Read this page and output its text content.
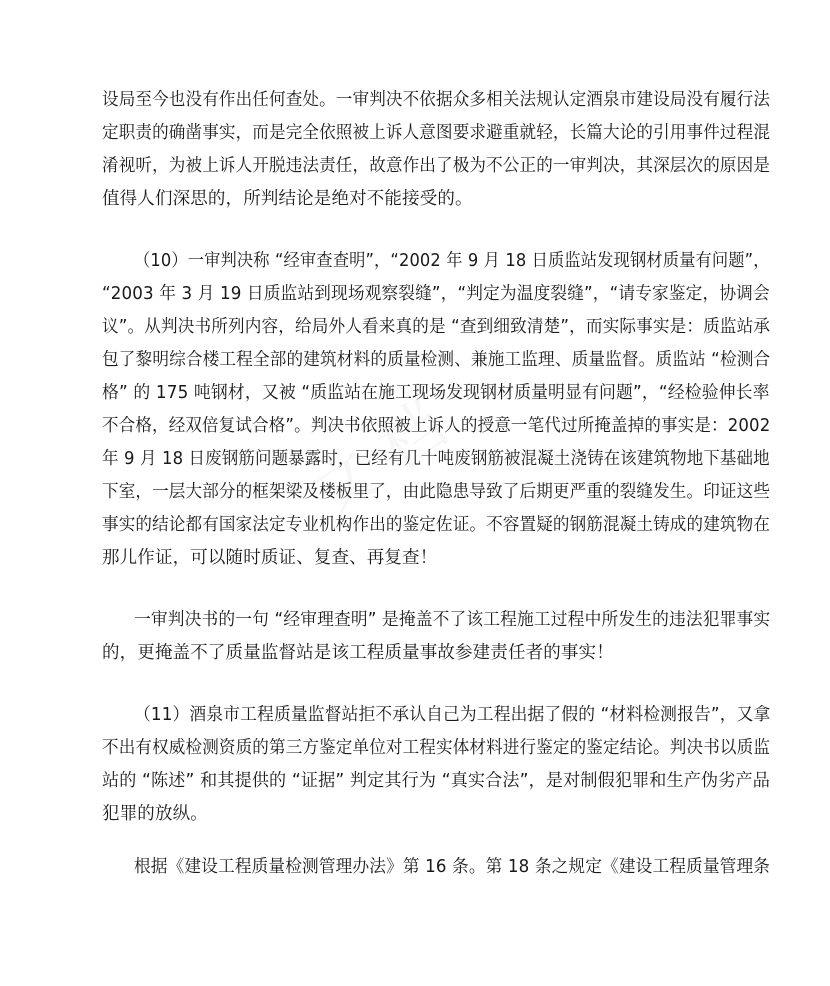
设局至今也没有作出任何查处。一审判决不依据众多相关法规认定酒泉市建设局没有履行法
定职责的确凿事实，而是完全依照被上诉人意图要求避重就轻，长篇大论的引用事件过程混
淆视听，为被上诉人开脱违法责任，故意作出了极为不公正的一审判决，其深层次的原因是
值得人们深思的，所判结论是绝对不能接受的。
（10）一审判决称 “经审查查明”，“2002 年 9 月 18 日质监站发现钢材质量有问题”，
“2003 年 3 月 19 日质监站到现场观察裂缝”，“判定为温度裂缝”，“请专家鉴定，协调会
议”。从判决书所列内容，给局外人看来真的是 “查到细致清楚”，而实际事实是：质监站承
包了黎明综合楼工程全部的建筑材料的质量检测、兼施工监理、质量监督。质监站 “检测合
格” 的 175 吨钢材，又被 “质监站在施工现场发现钢材质量明显有问题”，“经检验伸长率
不合格，经双倍复试合格”。判决书依照被上诉人的授意一笔代过所掩盖掉的事实是：2002
年 9 月 18 日废钢筋问题暴露时，已经有几十吨废钢筋被混凝土浇铸在该建筑物地下基础地
下室，一层大部分的框架梁及楼板里了，由此隐患导致了后期更严重的裂缝发生。印证这些
事实的结论都有国家法定专业机构作出的鉴定佐证。不容置疑的钢筋混凝土铸成的建筑物在
那儿作证，可以随时质证、复查、再复查！
一审判决书的一句 “经审理查明” 是掩盖不了该工程施工过程中所发生的违法犯罪事实
的，更掩盖不了质量监督站是该工程质量事故参建责任者的事实！
（11）酒泉市工程质量监督站拒不承认自己为工程出据了假的 “材料检测报告”，又拿
不出有权威检测资质的第三方鉴定单位对工程实体材料进行鉴定的鉴定结论。判决书以质监
站的 “陈述” 和其提供的 “证据” 判定其行为 “真实合法”，是对制假犯罪和生产伪劣产品
犯罪的放纵。
根据《建设工程质量检测管理办法》第 16 条。第 18 条之规定《建设工程质量管理条
